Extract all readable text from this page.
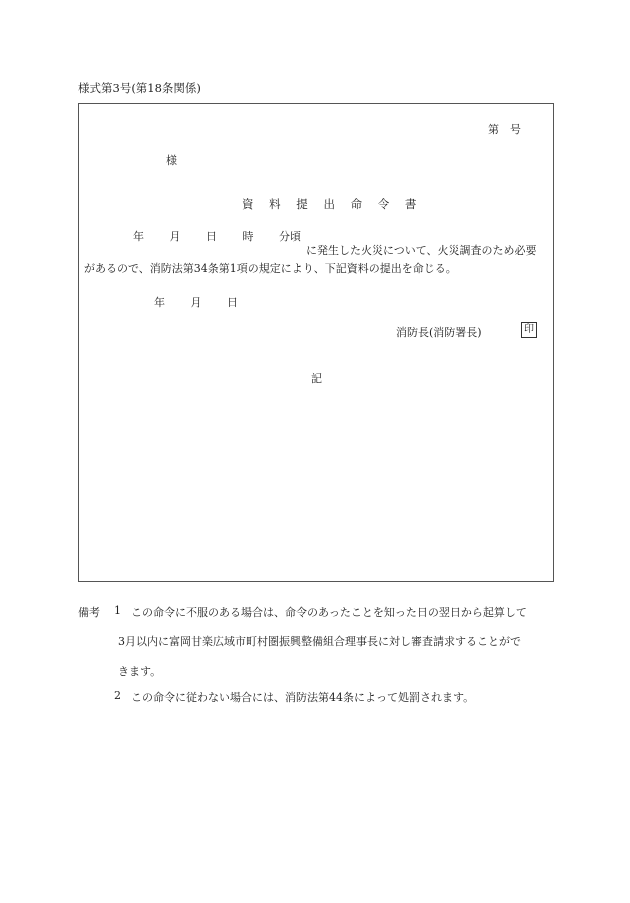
様式第3号(第18条関係)
第　号
様
資 料 提 出 命 令 書
年 月 日 時 分頃
に発生した火災について、火災調査のため必要
があるので、消防法第34条第1項の規定により、下記資料の提出を命じる。
年 月 日
消防長(消防署長)	印
記
備考 1 この命令に不服のある場合は、命令のあったことを知った日の翌日から起算して
3月以内に富岡甘楽広域市町村圏振興整備組合理事長に対し審査請求することがで
きます。
2 この命令に従わない場合には、消防法第44条によって処罰されます。
